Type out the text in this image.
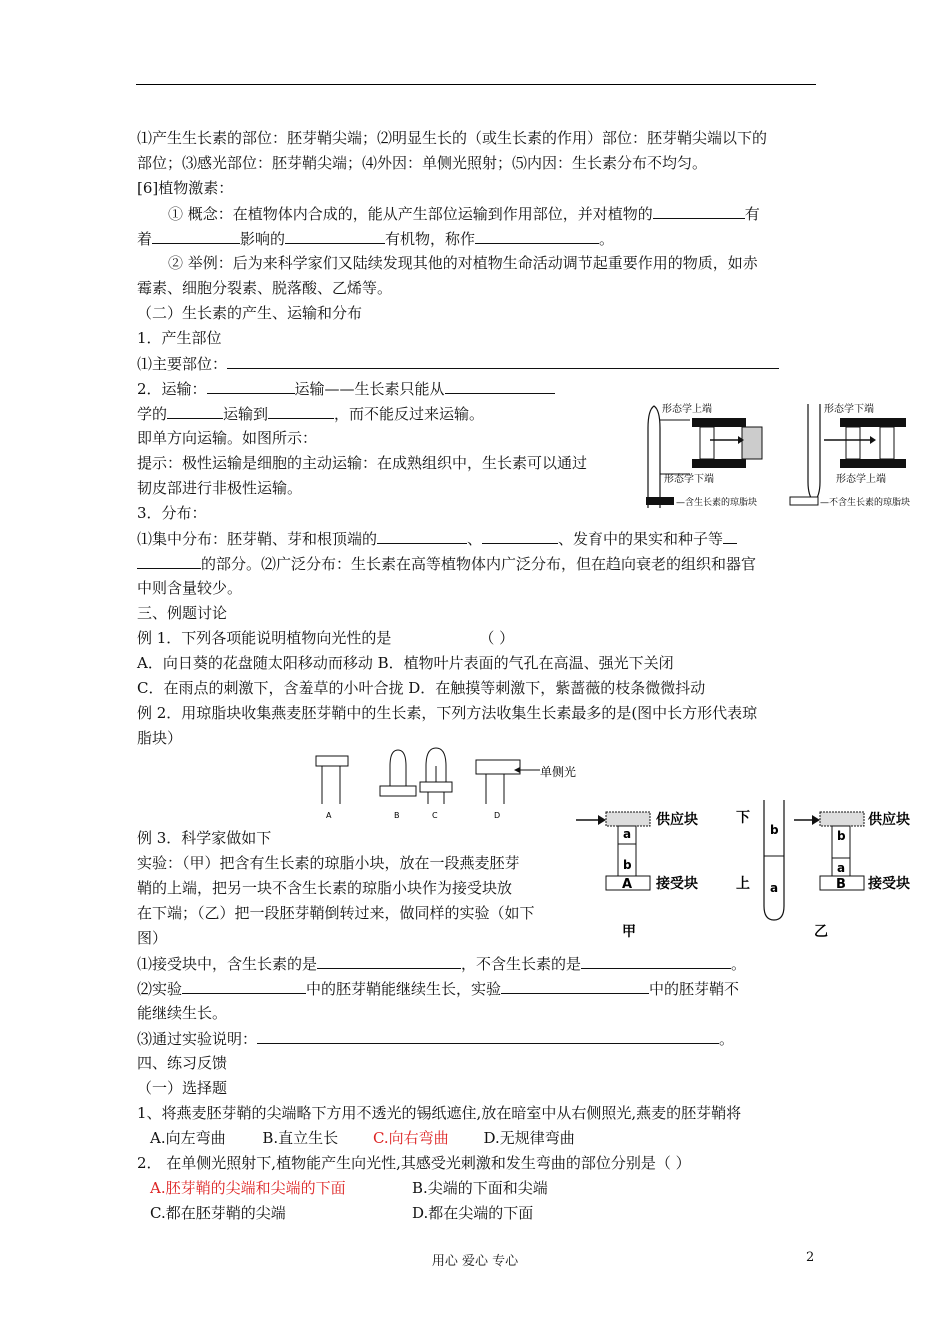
⑴产生生长素的部位：胚芽鞘尖端；⑵明显生长的（或生长素的作用）部位：胚芽鞘尖端以下的
部位；⑶感光部位：胚芽鞘尖端；⑷外因：单侧光照射；⑸内因：生长素分布不均匀。
[6]植物激素：
① 概念：在植物体内合成的，能从产生部位运输到作用部位，并对植物的	有
着	影响的	有机物，称作	。
② 举例：后为来科学家们又陆续发现其他的对植物生命活动调节起重要作用的物质，如赤
霉素、细胞分裂素、脱落酸、乙烯等。
（二）生长素的产生、运输和分布
1．产生部位
⑴主要部位：
2．运输：	运输——生长素只能从
学的	运输到	，而不能反过来运输。
即单方向运输。如图所示：
提示：极性运输是细胞的主动运输：在成熟组织中，生长素可以通过
韧皮部进行非极性运输。
3．分布：
⑴集中分布：胚芽鞘、芽和根顶端的	、	、发育中的果实和种子等
的部分。⑵广泛分布：生长素在高等植物体内广泛分布，但在趋向衰老的组织和器官
中则含量较少。
三、例题讨论
例 1．下列各项能说明植物向光性的是	（ ）
A．向日葵的花盘随太阳移动而移动 B．植物叶片表面的气孔在高温、强光下关闭
C．在雨点的刺激下，含羞草的小叶合拢 D．在触摸等刺激下，紫蔷薇的枝条微微抖动
例 2．用琼脂块收集燕麦胚芽鞘中的生长素，下列方法收集生长素最多的是(图中长方形代表琼
脂块）
例 3．科学家做如下
实验：（甲）把含有生长素的琼脂小块，放在一段燕麦胚芽
鞘的上端，把另一块不含生长素的琼脂小块作为接受块放
在下端；（乙）把一段胚芽鞘倒转过来，做同样的实验（如下
图）
⑴接受块中，含生长素的是	，不含生长素的是	。
⑵实验	中的胚芽鞘能继续生长，实验	中的胚芽鞘不
能继续生长。
⑶通过实验说明：	。
四、练习反馈
（一）选择题
1、将燕麦胚芽鞘的尖端略下方用不透光的锡纸遮住,放在暗室中从右侧照光,燕麦的胚芽鞘将
A.向左弯曲 B.直立生长 C.向右弯曲 D.无规律弯曲
2． 在单侧光照射下,植物能产生向光性,其感受光刺激和发生弯曲的部位分别是（ ）
A.胚芽鞘的尖端和尖端的下面	B.尖端的下面和尖端
C.都在胚芽鞘的尖端	D.都在尖端的下面
形态学上端
形态学下端
形态学下端
形态学上端
—含生长素的琼脂块	—不含生长素的琼脂块
A	B	C	D
单侧光
供应块
a
b
A 接受块
甲
下
上
b
a
供应块
b
a
B 接受块
乙
用心 爱心 专心	2
